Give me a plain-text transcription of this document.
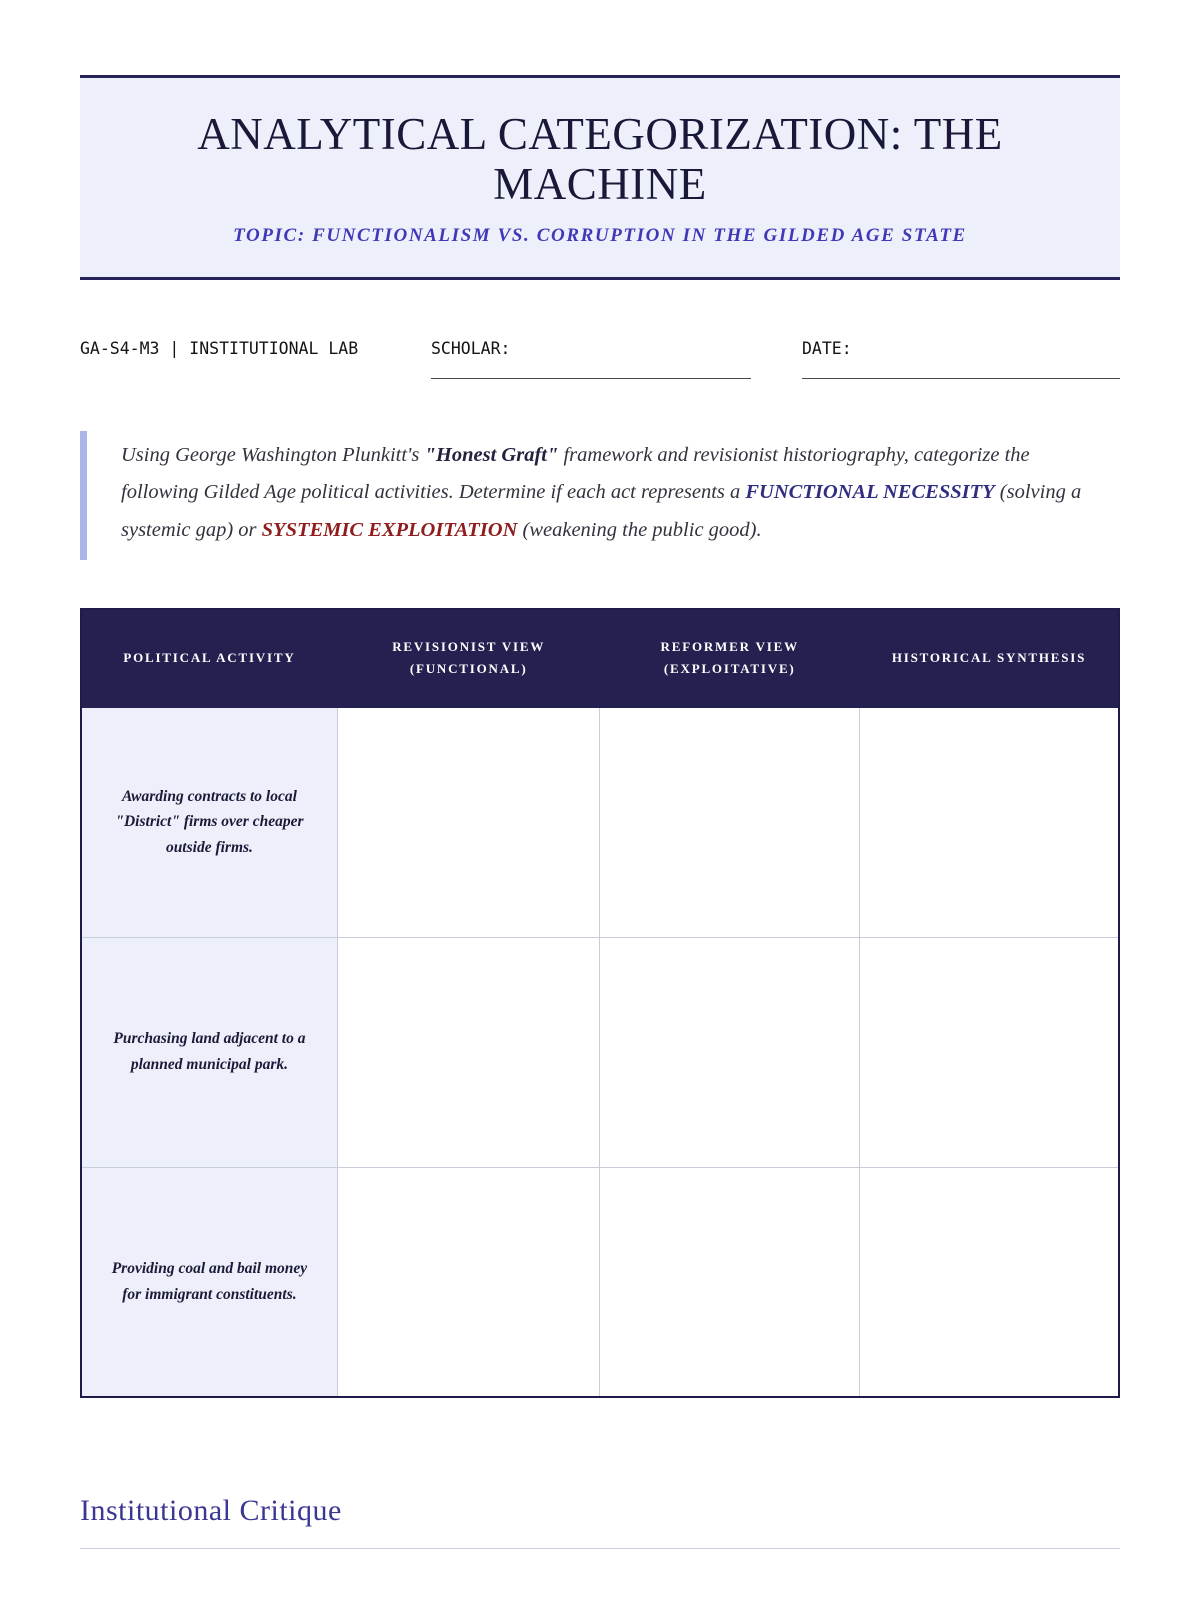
ANALYTICAL CATEGORIZATION: THE MACHINE
TOPIC: FUNCTIONALISM VS. CORRUPTION IN THE GILDED AGE STATE
GA-S4-M3 | INSTITUTIONAL LAB	SCHOLAR:	DATE:
Using George Washington Plunkitt's "Honest Graft" framework and revisionist historiography, categorize the following Gilded Age political activities. Determine if each act represents a FUNCTIONAL NECESSITY (solving a systemic gap) or SYSTEMIC EXPLOITATION (weakening the public good).
POLITICAL ACTIVITY	REVISIONIST VIEW (FUNCTIONAL)	REFORMER VIEW (EXPLOITATIVE)	HISTORICAL SYNTHESIS
Awarding contracts to local "District" firms over cheaper outside firms.			
Purchasing land adjacent to a planned municipal park.			
Providing coal and bail money for immigrant constituents.			
Institutional Critique
